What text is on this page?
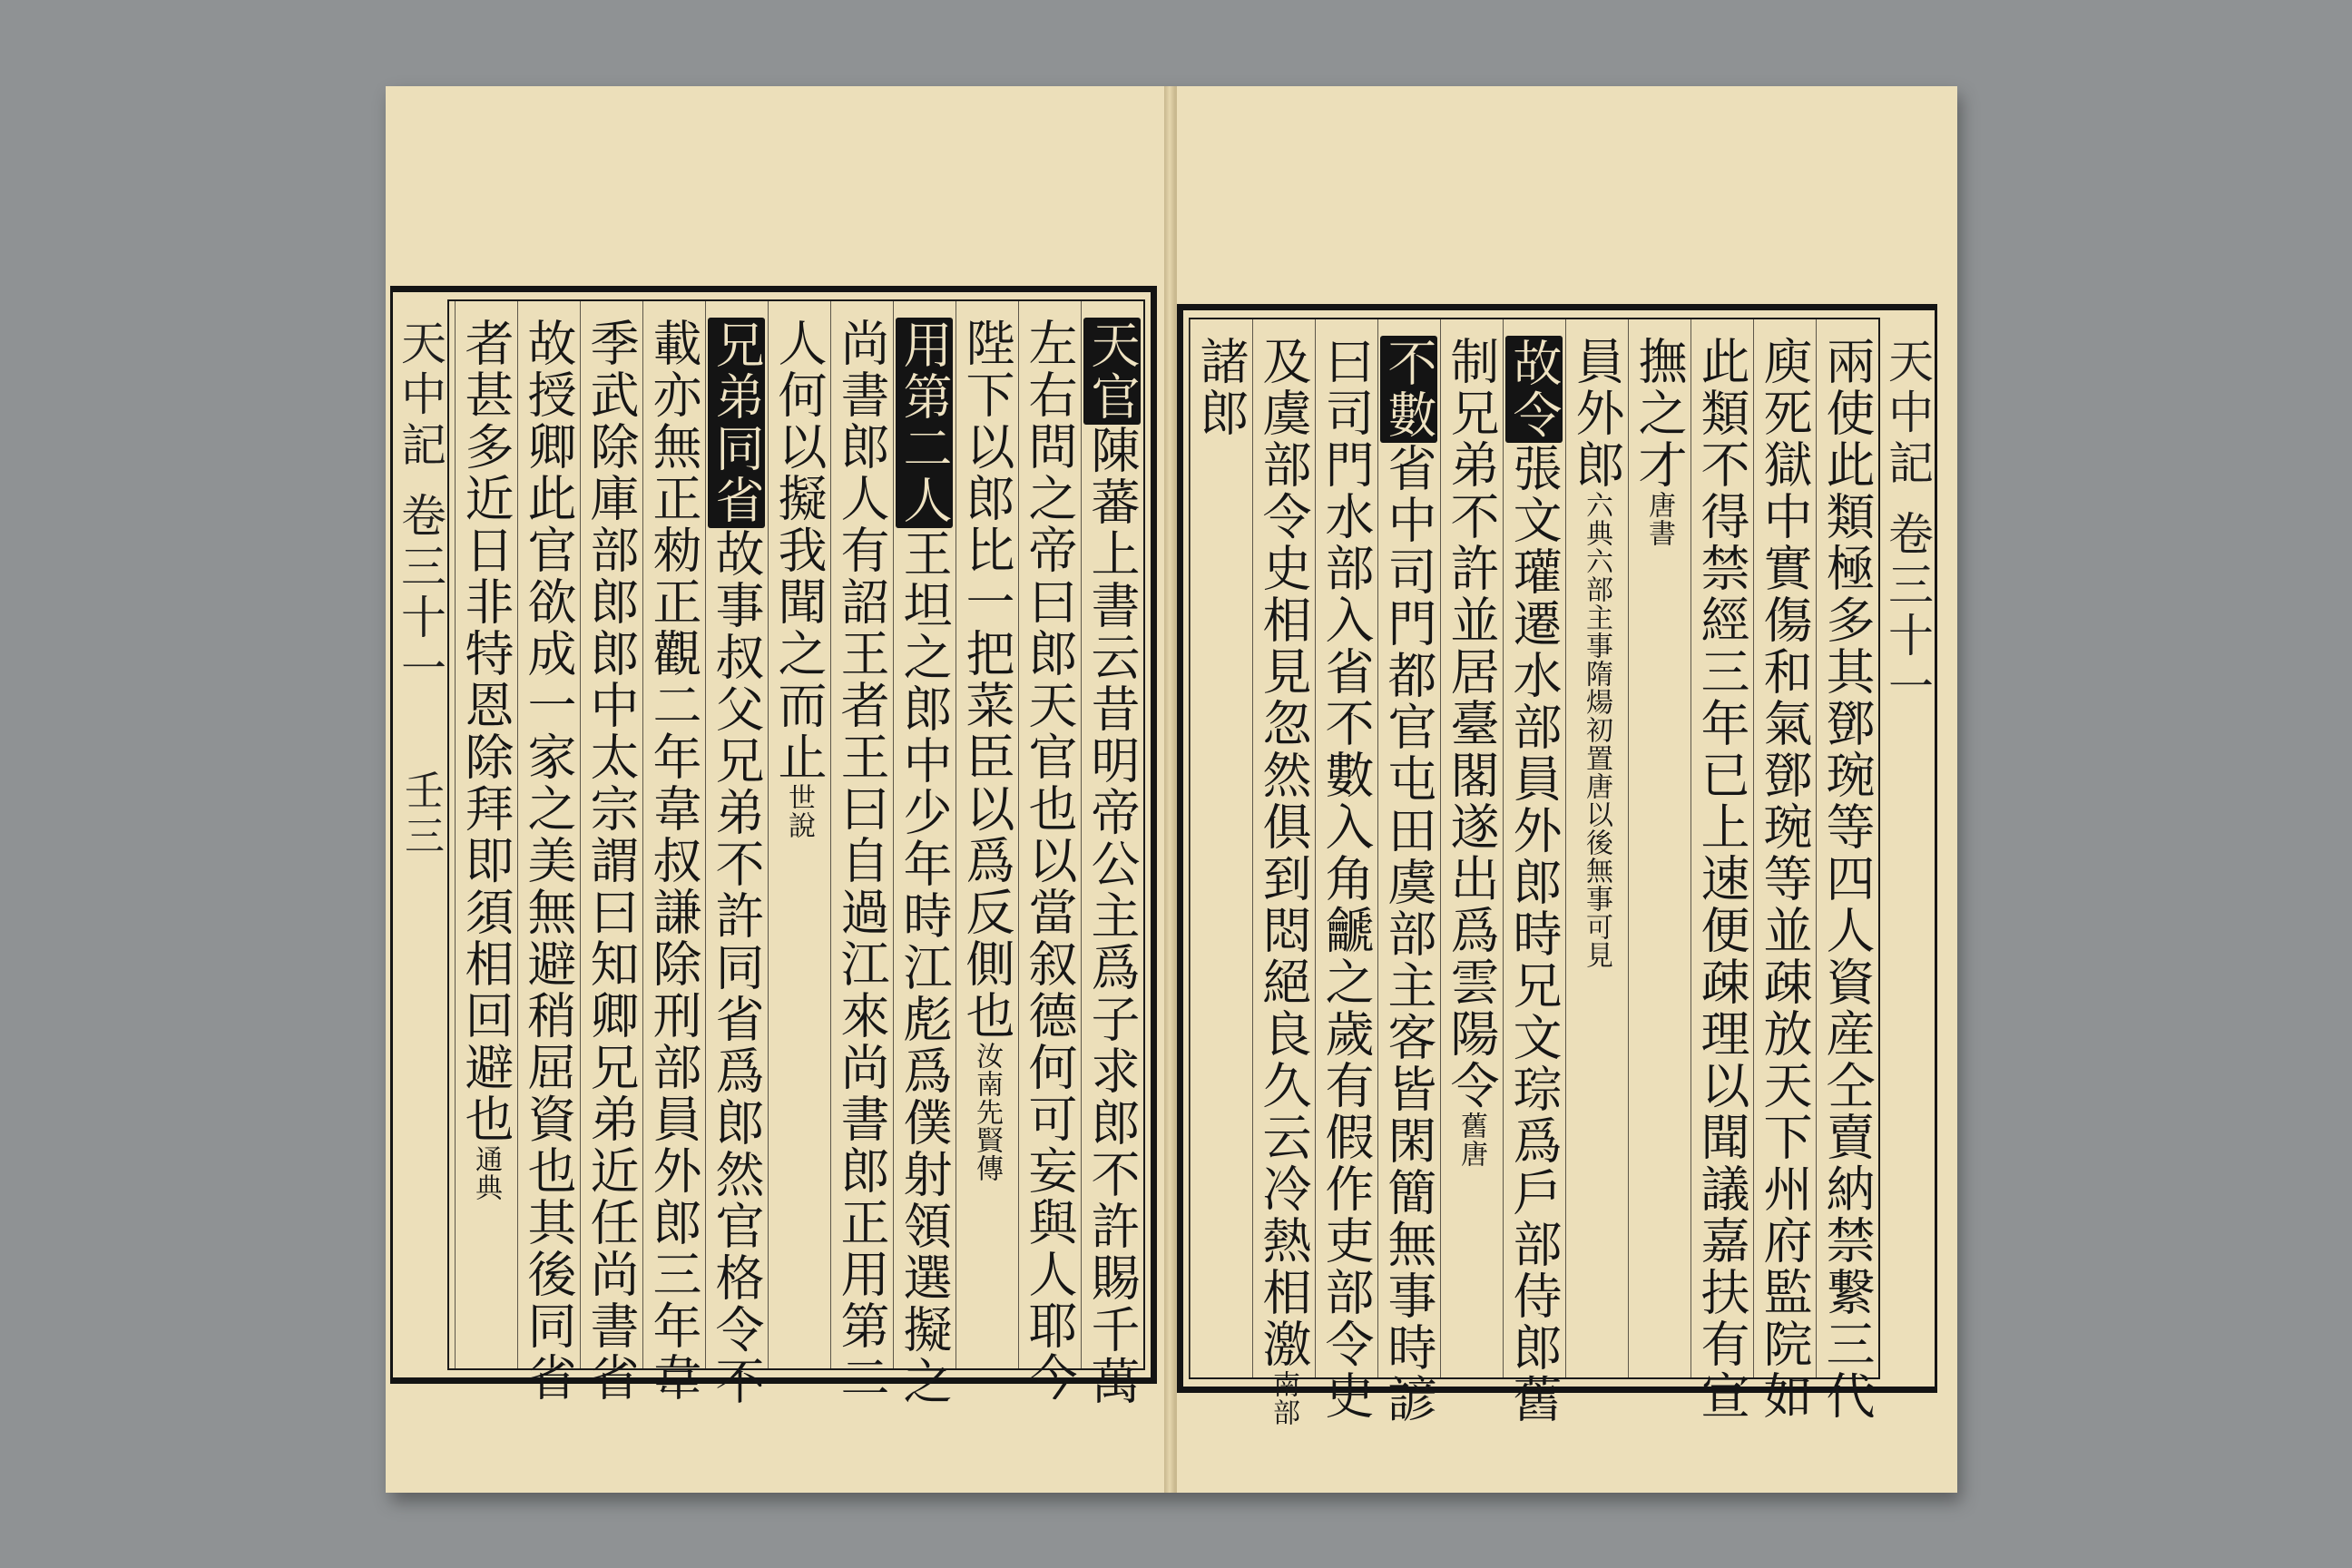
天中記 卷三十一 壬三
天官陳蕃上書云昔明帝公主爲子求郎不許賜千萬
左右問之帝曰郎天官也以當叙德何可妄與人耶今
陛下以郎比一把菜臣以爲反側也汝南先賢傳
用第二人王坦之郎中少年時江彪爲僕射領選擬之
尚書郎人有詔王者王曰自過江來尚書郎正用第二
人何以擬我聞之而止世說
兄弟同省故事叔父兄弟不許同省爲郎然官格令不
載亦無正勑正觀二年韋叔謙除刑部員外郎三年韋
季武除庫部郎郎中太宗謂曰知卿兄弟近任尚書省
故授卿此官欲成一家之美無避稍屈資也其後同省
者甚多近日非特恩除拜即須相回避也通典	兩使此類極多其鄧琬等四人資産仝賣納禁繋三代
庾死獄中實傷和氣鄧琬等並疎放天下州府監院如
此類不得禁經三年已上速便疎理以聞議嘉扶有宣
撫之才唐書
員外郎六典六部主事隋煬初置唐以後無事可見
故令張文瓘遷水部員外郎時兄文琮爲戶部侍郎舊
制兄弟不許並居臺閣遂出爲雲陽令舊唐
不數省中司門都官屯田虞部主客皆閑簡無事時諺
曰司門水部入省不數入角䶵之歲有假作吏部令史
及虞部令史相見忽然俱到悶絕良久云冷熱相激南部
諸郎	天中記 卷三十一
